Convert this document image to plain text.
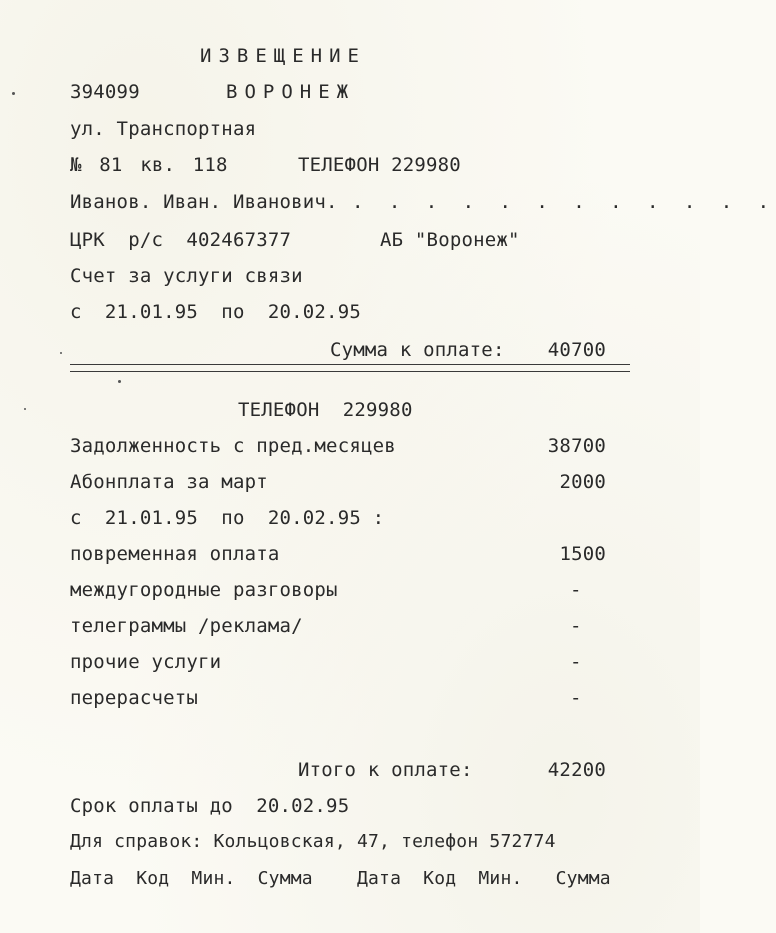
ИЗВЕЩЕНИЕ
394099	ВОРОНЕЖ
ул. Транспортная
№ 81 кв. 118	ТЕЛЕФОН 229980
Иванов. Иван. Иванович. . . . . . . . . . . . .
ЦРК  р/с  402467377	АБ "Воронеж"
Счет за услуги связи
с  21.01.95  по  20.02.95
Сумма к оплате:	40700
ТЕЛЕФОН  229980
Задолженность с пред.месяцев	38700
Абонплата за март	2000
с  21.01.95  по  20.02.95 :
повременная оплата	1500
междугородные разговоры	-
телеграммы /реклама/	-
прочие услуги	-
перерасчеты	-
Итого к оплате:	42200
Срок оплаты до  20.02.95
Для справок: Кольцовская, 47, телефон 572774
Дата  Код  Мин.  Сумма    Дата  Код  Мин.   Сумма
